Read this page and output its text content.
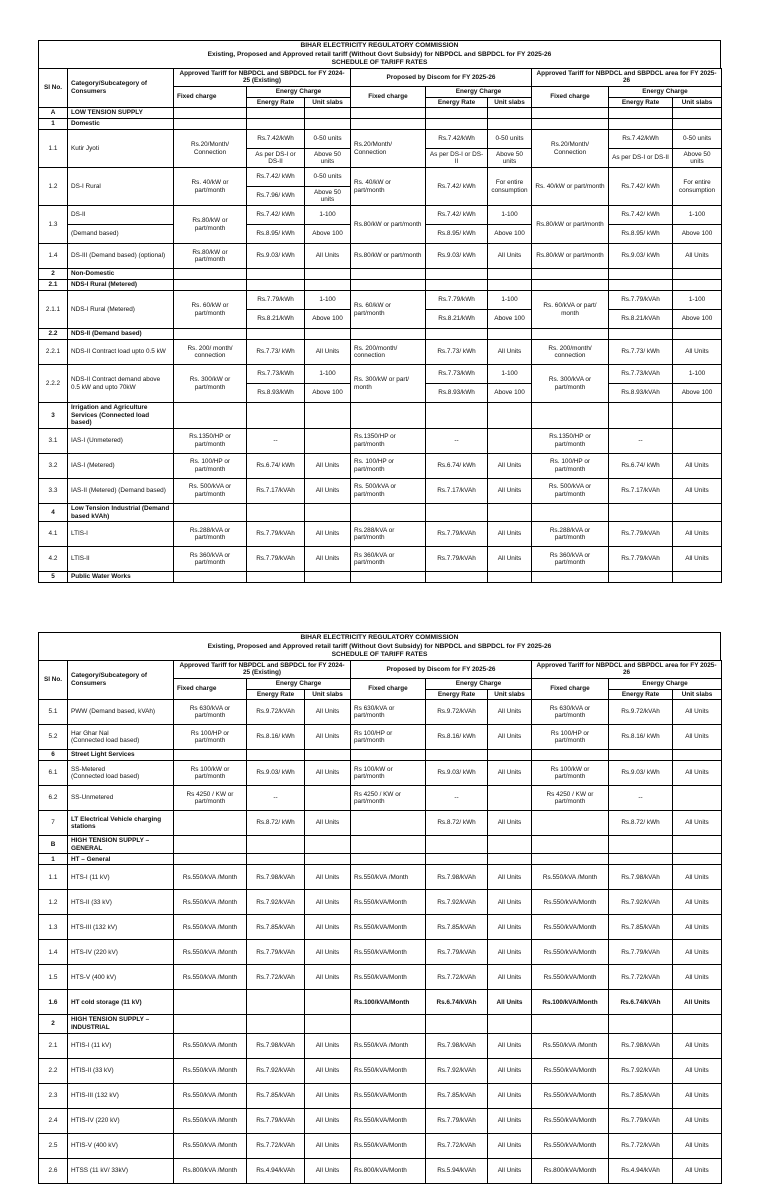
BIHAR ELECTRICITY REGULATORY COMMISSION
Existing, Proposed and Approved retail tariff (Without Govt Subsidy) for NBPDCL and SBPDCL for FY 2025-26
SCHEDULE OF TARIFF RATES
Sl No.	Category/Subcategory of Consumers	Approved Tariff for NBPDCL and SBPDCL for FY 2024-25 (Existing)			Proposed by Discom for FY 2025-26			Approved Tariff for NBPDCL and SBPDCL area for FY 2025-26		
		Fixed charge	Energy Charge		Fixed charge	Energy Charge		Fixed charge	Energy Charge	
			Energy Rate	Unit slabs		Energy Rate	Unit slabs		Energy Rate	Unit slabs
A	LOW TENSION SUPPLY									
1	Domestic									
1.1	Kutir Jyoti	Rs.20/Month/ Connection	Rs.7.42/kWh	0-50 units	Rs.20/Month/ Connection	Rs.7.42/kWh	0-50 units	Rs.20/Month/ Connection	Rs.7.42/kWh	0-50 units
			As per DS-I or DS-II	Above 50 units		As per DS-I or DS-II	Above 50 units		As per DS-I or DS-II	Above 50 units
1.2	DS-I Rural	Rs. 40/kW or part/month	Rs.7.42/ kWh	0-50 units	Rs. 40/kW or part/month	Rs.7.42/ kWh	For entire consumption	Rs. 40/kW or part/month	Rs.7.42/ kWh	For entire consumption
			Rs.7.96/ kWh	Above 50 units						
1.3	DS-II	Rs.80/kW or part/month	Rs.7.42/ kWh	1-100	Rs.80/kW or part/month	Rs.7.42/ kWh	1-100	Rs.80/kW or part/month	Rs.7.42/ kWh	1-100
	(Demand based)		Rs.8.95/ kWh	Above 100		Rs.8.95/ kWh	Above 100		Rs.8.95/ kWh	Above 100
1.4	DS-III (Demand based) (optional)	Rs.80/kW or part/month	Rs.9.03/ kWh	All Units	Rs.80/kW or part/month	Rs.9.03/ kWh	All Units	Rs.80/kW or part/month	Rs.9.03/ kWh	All Units
2	Non-Domestic									
2.1	NDS-I Rural (Metered)									
2.1.1	NDS-I Rural (Metered)	Rs. 60/kW or part/month	Rs.7.79/kWh	1-100	Rs. 60/kW or part/month	Rs.7.79/kWh	1-100	Rs. 60/kVA or part/ month	Rs.7.79/kVAh	1-100
			Rs.8.21/kWh	Above 100		Rs.8.21/kWh	Above 100		Rs.8.21/kVAh	Above 100
2.2	NDS-II (Demand based)									
2.2.1	NDS-II Contract load upto 0.5 kW	Rs. 200/ month/ connection	Rs.7.73/ kWh	All Units	Rs. 200/month/ connection	Rs.7.73/ kWh	All Units	Rs. 200/month/ connection	Rs.7.73/ kWh	All Units
2.2.2	NDS-II Contract demand above 0.5 kW and upto 70kW	Rs. 300/kW or part/month	Rs.7.73/kWh	1-100	Rs. 300/kW or part/ month	Rs.7.73/kWh	1-100	Rs. 300/kVA or part/month	Rs.7.73/kVAh	1-100
			Rs.8.93/kWh	Above 100		Rs.8.93/kWh	Above 100		Rs.8.93/kVAh	Above 100
3	Irrigation and Agriculture Services (Connected load based)									
3.1	IAS-I (Unmetered)	Rs.1350/HP or part/month	--		Rs.1350/HP or part/month	--		Rs.1350/HP or part/month	--	
3.2	IAS-I (Metered)	Rs. 100/HP or part/month	Rs.6.74/ kWh	All Units	Rs. 100/HP or part/month	Rs.6.74/ kWh	All Units	Rs. 100/HP or part/month	Rs.6.74/ kWh	All Units
3.3	IAS-II (Metered) (Demand based)	Rs. 500/kVA or part/month	Rs.7.17/kVAh	All Units	Rs. 500/kVA or part/month	Rs.7.17/kVAh	All Units	Rs. 500/kVA or part/month	Rs.7.17/kVAh	All Units
4	Low Tension Industrial (Demand based kVAh)									
4.1	LTIS-I	Rs.288/kVA or part/month	Rs.7.79/kVAh	All Units	Rs.288/kVA or part/month	Rs.7.79/kVAh	All Units	Rs.288/kVA or part/month	Rs.7.79/kVAh	All Units
4.2	LTIS-II	Rs 360/kVA or part/month	Rs.7.79/kVAh	All Units	Rs 360/kVA or part/month	Rs.7.79/kVAh	All Units	Rs 360/kVA or part/month	Rs.7.79/kVAh	All Units
5	Public Water Works									
BIHAR ELECTRICITY REGULATORY COMMISSION
Existing, Proposed and Approved retail tariff (Without Govt Subsidy) for NBPDCL and SBPDCL for FY 2025-26
SCHEDULE OF TARIFF RATES
Sl No.	Category/Subcategory of Consumers	Approved Tariff for NBPDCL and SBPDCL for FY 2024-25 (Existing)			Proposed by Discom for FY 2025-26			Approved Tariff for NBPDCL and SBPDCL area for FY 2025-26		
		Fixed charge	Energy Charge		Fixed charge	Energy Charge		Fixed charge	Energy Charge	
			Energy Rate	Unit slabs		Energy Rate	Unit slabs		Energy Rate	Unit slabs
5.1	PWW (Demand based, kVAh)	Rs 630/kVA or part/month	Rs.9.72/kVAh	All Units	Rs 630/kVA or part/month	Rs.9.72/kVAh	All Units	Rs 630/kVA or part/month	Rs.9.72/kVAh	All Units
5.2	Har Ghar Nal
(Connected load based)	Rs 100/HP or part/month	Rs.8.16/ kWh	All Units	Rs 100/HP or part/month	Rs.8.16/ kWh	All Units	Rs 100/HP or part/month	Rs.8.16/ kWh	All Units
6	Street Light Services									
6.1	SS-Metered
(Connected load based)	Rs 100/kW or part/month	Rs.9.03/ kWh	All Units	Rs 100/kW or part/month	Rs.9.03/ kWh	All Units	Rs 100/kW or part/month	Rs.9.03/ kWh	All Units
6.2	SS-Unmetered	Rs 4250 / KW or part/month	--		Rs 4250 / KW or part/month	--		Rs 4250 / KW or part/month	--	
7	LT Electrical Vehicle charging stations		Rs.8.72/ kWh	All Units		Rs.8.72/ kWh	All Units		Rs.8.72/ kWh	All Units
B	HIGH TENSION SUPPLY – GENERAL									
1	HT – General									
1.1	HTS-I (11 kV)	Rs.550/kVA /Month	Rs.7.98/kVAh	All Units	Rs.550/kVA /Month	Rs.7.98/kVAh	All Units	Rs.550/kVA /Month	Rs.7.98/kVAh	All Units
1.2	HTS-II (33 kV)	Rs.550/kVA /Month	Rs.7.92/kVAh	All Units	Rs.550/kVA/Month	Rs.7.92/kVAh	All Units	Rs.550/kVA/Month	Rs.7.92/kVAh	All Units
1.3	HTS-III (132 kV)	Rs.550/kVA /Month	Rs.7.85/kVAh	All Units	Rs.550/kVA/Month	Rs.7.85/kVAh	All Units	Rs.550/kVA/Month	Rs.7.85/kVAh	All Units
1.4	HTS-IV (220 kV)	Rs.550/kVA /Month	Rs.7.79/kVAh	All Units	Rs.550/kVA/Month	Rs.7.79/kVAh	All Units	Rs.550/kVA/Month	Rs.7.79/kVAh	All Units
1.5	HTS-V (400 kV)	Rs.550/kVA /Month	Rs.7.72/kVAh	All Units	Rs.550/kVA/Month	Rs.7.72/kVAh	All Units	Rs.550/kVA/Month	Rs.7.72/kVAh	All Units
1.6	HT cold storage (11 kV)				Rs.100/kVA/Month	Rs.6.74/kVAh	All Units	Rs.100/kVA/Month	Rs.6.74/kVAh	All Units
2	HIGH TENSION SUPPLY – INDUSTRIAL									
2.1	HTIS-I (11 kV)	Rs.550/kVA /Month	Rs.7.98/kVAh	All Units	Rs.550/kVA /Month	Rs.7.98/kVAh	All Units	Rs.550/kVA /Month	Rs.7.98/kVAh	All Units
2.2	HTIS-II (33 kV)	Rs.550/kVA /Month	Rs.7.92/kVAh	All Units	Rs.550/kVA/Month	Rs.7.92/kVAh	All Units	Rs.550/kVA/Month	Rs.7.92/kVAh	All Units
2.3	HTIS-III (132 kV)	Rs.550/kVA /Month	Rs.7.85/kVAh	All Units	Rs.550/kVA/Month	Rs.7.85/kVAh	All Units	Rs.550/kVA/Month	Rs.7.85/kVAh	All Units
2.4	HTIS-IV (220 kV)	Rs.550/kVA /Month	Rs.7.79/kVAh	All Units	Rs.550/kVA/Month	Rs.7.79/kVAh	All Units	Rs.550/kVA/Month	Rs.7.79/kVAh	All Units
2.5	HTIS-V (400 kV)	Rs.550/kVA /Month	Rs.7.72/kVAh	All Units	Rs.550/kVA/Month	Rs.7.72/kVAh	All Units	Rs.550/kVA/Month	Rs.7.72/kVAh	All Units
2.6	HTSS (11 kV/ 33kV)	Rs.800/kVA /Month	Rs.4.94/kVAh	All Units	Rs.800/kVA/Month	Rs.5.94/kVAh	All Units	Rs.800/kVA/Month	Rs.4.94/kVAh	All Units
